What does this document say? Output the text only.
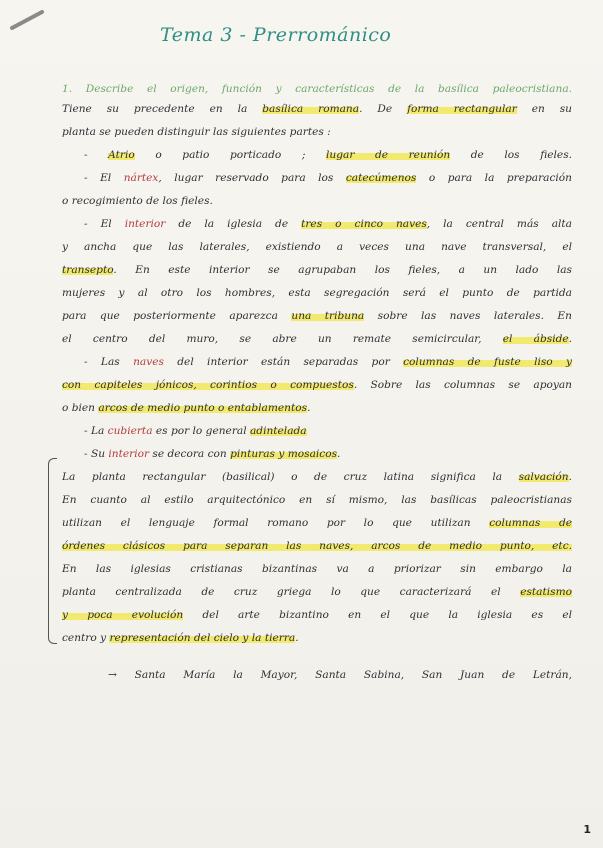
Tema 3 - Prerrománico
1. Describe el origen, función y características de la basílica paleocristiana.
Tiene su precedente en la basílica romana. De forma rectangular en su
planta se pueden distinguir las siguientes partes :
- Atrio o patio porticado ; lugar de reunión de los fieles.
- El nártex, lugar reservado para los catecúmenos o para la preparación
o recogimiento de los fieles.
- El interior de la iglesia de tres o cinco naves, la central más alta
y ancha que las laterales, existiendo a veces una nave transversal, el
transepto. En este interior se agrupaban los fieles, a un lado las
mujeres y al otro los hombres, esta segregación será el punto de partida
para que posteriormente aparezca una tribuna sobre las naves laterales. En
el centro del muro, se abre un remate semicircular, el ábside.
- Las naves del interior están separadas por columnas de fuste liso y
con capiteles jónicos, corintios o compuestos. Sobre las columnas se apoyan
o bien arcos de medio punto o entablamentos.
- La cubierta es por lo general adintelada
- Su interior se decora con pinturas y mosaicos.
La planta rectangular (basilical) o de cruz latina significa la salvación.
En cuanto al estilo arquitectónico en sí mismo, las basílicas paleocristianas
utilizan el lenguaje formal romano por lo que utilizan columnas de
órdenes clásicos para separan las naves, arcos de medio punto, etc.
En las iglesias cristianas bizantinas va a priorizar sin embargo la
planta centralizada de cruz griega lo que caracterizará el estatismo
y poca evolución del arte bizantino en el que la iglesia es el
centro y representación del cielo y la tierra.
→ Santa María la Mayor, Santa Sabina, San Juan de Letrán,
1
